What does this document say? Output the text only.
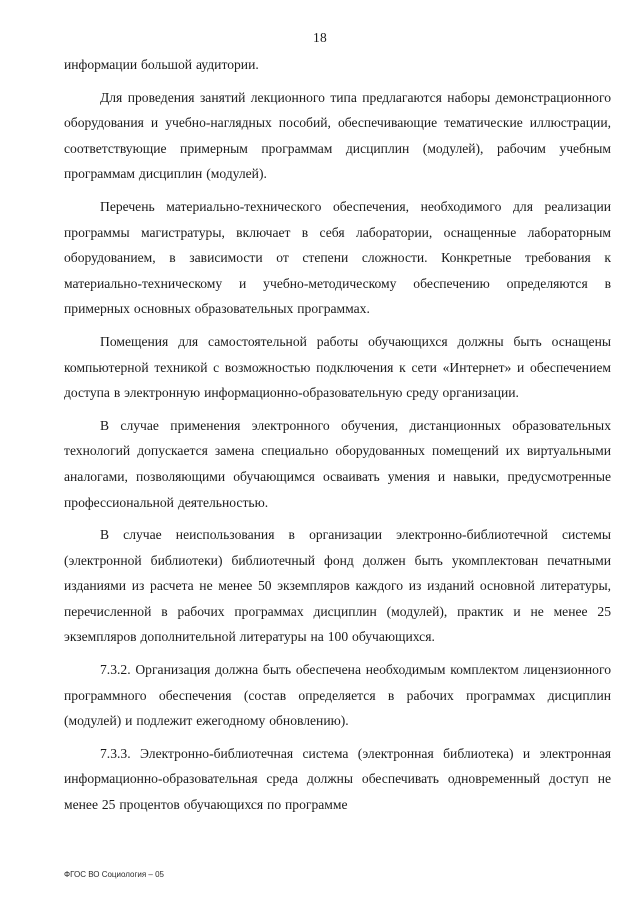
18

информации большой аудитории.

Для проведения занятий лекционного типа предлагаются наборы демонстрационного оборудования и учебно-наглядных пособий, обеспечивающие тематические иллюстрации, соответствующие примерным программам дисциплин (модулей), рабочим учебным программам дисциплин (модулей).

Перечень материально-технического обеспечения, необходимого для реализации программы магистратуры, включает в себя лаборатории, оснащенные лабораторным оборудованием, в зависимости от степени сложности. Конкретные требования к материально-техническому и учебно-методическому обеспечению определяются в примерных основных образовательных программах.

Помещения для самостоятельной работы обучающихся должны быть оснащены компьютерной техникой с возможностью подключения к сети «Интернет» и обеспечением доступа в электронную информационно-образовательную среду организации.

В случае применения электронного обучения, дистанционных образовательных технологий допускается замена специально оборудованных помещений их виртуальными аналогами, позволяющими обучающимся осваивать умения и навыки, предусмотренные профессиональной деятельностью.

В случае неиспользования в организации электронно-библиотечной системы (электронной библиотеки) библиотечный фонд должен быть укомплектован печатными изданиями из расчета не менее 50 экземпляров каждого из изданий основной литературы, перечисленной в рабочих программах дисциплин (модулей), практик и не менее 25 экземпляров дополнительной литературы на 100 обучающихся.

7.3.2. Организация должна быть обеспечена необходимым комплектом лицензионного программного обеспечения (состав определяется в рабочих программах дисциплин (модулей) и подлежит ежегодному обновлению).

7.3.3. Электронно-библиотечная система (электронная библиотека) и электронная информационно-образовательная среда должны обеспечивать одновременный доступ не менее 25 процентов обучающихся по программе

ФГОС ВО Социология – 05
